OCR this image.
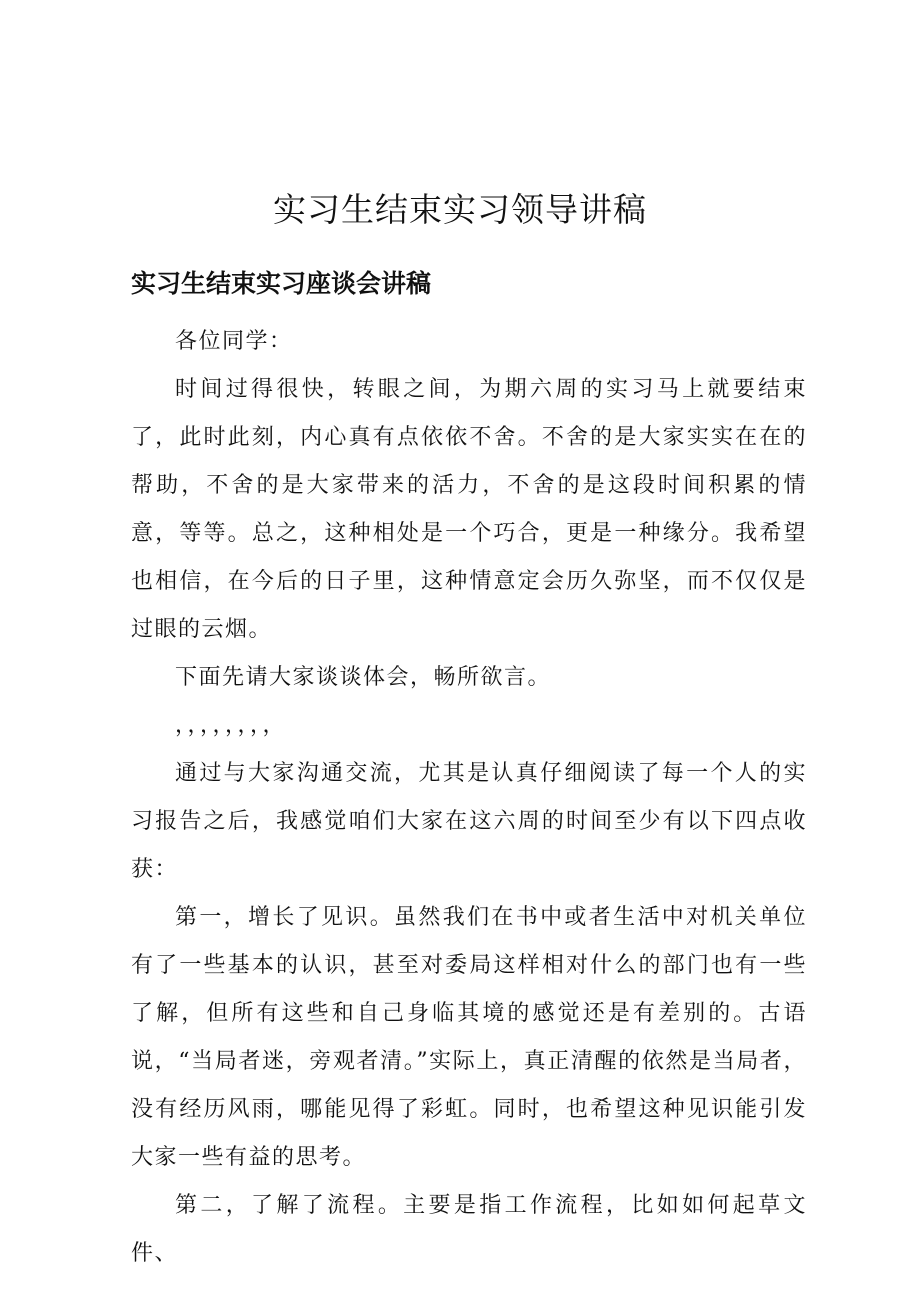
实习生结束实习领导讲稿
实习生结束实习座谈会讲稿

各位同学：

时间过得很快，转眼之间，为期六周的实习马上就要结束了，此时此刻，内心真有点依依不舍。不舍的是大家实实在在的帮助，不舍的是大家带来的活力，不舍的是这段时间积累的情意，等等。总之，这种相处是一个巧合，更是一种缘分。我希望也相信，在今后的日子里，这种情意定会历久弥坚，而不仅仅是过眼的云烟。

下面先请大家谈谈体会，畅所欲言。

，，，，，，，，

通过与大家沟通交流，尤其是认真仔细阅读了每一个人的实习报告之后，我感觉咱们大家在这六周的时间至少有以下四点收获：

第一，增长了见识。虽然我们在书中或者生活中对机关单位有了一些基本的认识，甚至对委局这样相对什么的部门也有一些了解，但所有这些和自己身临其境的感觉还是有差别的。古语说，“当局者迷，旁观者清。”实际上，真正清醒的依然是当局者，没有经历风雨，哪能见得了彩虹。同时，也希望这种见识能引发大家一些有益的思考。

第二，了解了流程。主要是指工作流程，比如如何起草文件、
